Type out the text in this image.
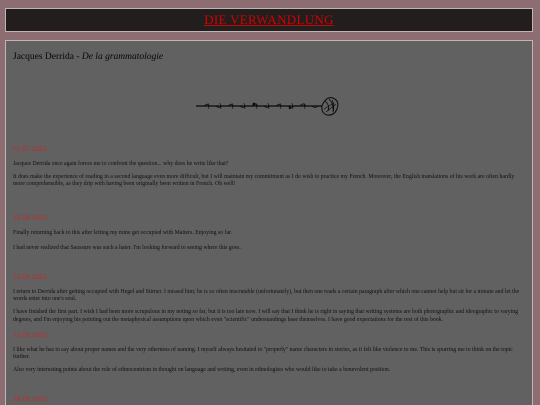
DIE VERWANDLUNG
Jacques Derrida - De la grammatologie

01.07.2023

Jacques Derrida once again forces me to confront the question... why does he write like that?

It does make the experience of reading in a second language even more difficult, but I will maintain my commitment as I do wish to practice my French. Moreover, the English translations of his work are often hardly more comprehensible, as they drip with having been originally been written in French. Oh well!

12.08.2023

Finally returning back to this after letting my mine get occupied with Matters. Enjoying so far.

I had never realized that Saussure was such a hater. I'm looking forward to seeing where this goes.

13.09.2023

I return to Derrida after getting occupied with Hegel and Stirner. I missed him; he is so often inscrutable (unfortunately), but then one reads a certain paragraph after which one cannot help but sit for a minute and let the words enter into one's soul.

I have finished the first part. I wish I had been more scrupulous in my noting so far, but it is too late now. I will say that I think he is right in saying that writing systems are both photographic and ideographic to varying degrees, and I'm enjoying his pointing out the metaphysical assumptions upon which even "scientific" understandings base themselves. I have good expectations for the rest of this book.

15.09.2023

I like what he has to say about proper names and the very otherness of naming. I myself always hesitated to "properly" name characters in stories, as it felt like violence to me. This is spurring me to think on the topic further.

Also very interesting points about the role of ethnocentrism in thought on language and writing, even in ethnologists who would like to take a benevolent position.

18.09.2023
